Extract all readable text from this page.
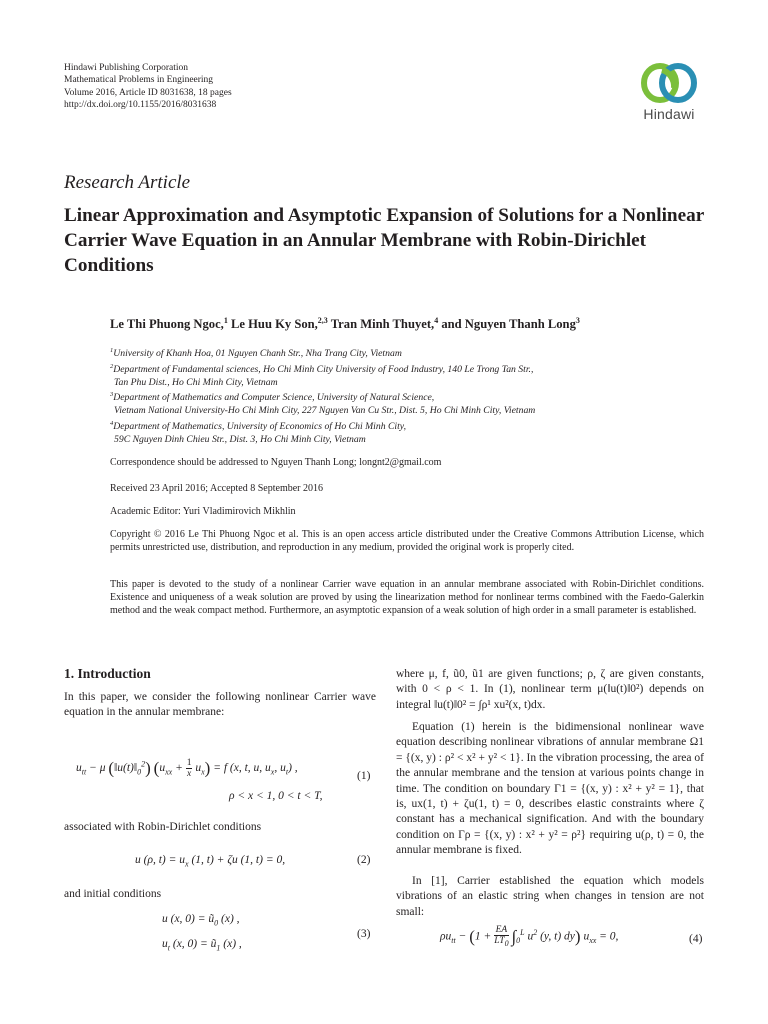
Hindawi Publishing Corporation
Mathematical Problems in Engineering
Volume 2016, Article ID 8031638, 18 pages
http://dx.doi.org/10.1155/2016/8031638
Hindawi
Research Article
Linear Approximation and Asymptotic Expansion of Solutions for a Nonlinear Carrier Wave Equation in an Annular Membrane with Robin-Dirichlet Conditions
Le Thi Phuong Ngoc,$^1$ Le Huu Ky Son,$^{2,3}$ Tran Minh Thuyet,$^4$ and Nguyen Thanh Long$^3$

$^1$University of Khanh Hoa, 01 Nguyen Chanh Str., Nha Trang City, Vietnam

$^2$Department of Fundamental sciences, Ho Chi Minh City University of Food Industry, 140 Le Trong Tan Str.,

Tan Phu Dist., Ho Chi Minh City, Vietnam

$^3$Department of Mathematics and Computer Science, University of Natural Science,

Vietnam National University-Ho Chi Minh City, 227 Nguyen Van Cu Str., Dist. 5, Ho Chi Minh City, Vietnam

$^4$Department of Mathematics, University of Economics of Ho Chi Minh City,

59C Nguyen Dinh Chieu Str., Dist. 3, Ho Chi Minh City, Vietnam

Correspondence should be addressed to Nguyen Thanh Long; longnt2@gmail.com
Received 23 April 2016; Accepted 8 September 2016
Academic Editor: Yuri Vladimirovich Mikhlin
Copyright © 2016 Le Thi Phuong Ngoc et al. This is an open access article distributed under the Creative Commons Attribution License, which permits unrestricted use, distribution, and reproduction in any medium, provided the original work is properly cited.
This paper is devoted to the study of a nonlinear Carrier wave equation in an annular membrane associated with Robin-Dirichlet conditions. Existence and uniqueness of a weak solution are proved by using the linearization method for nonlinear terms combined with the Faedo-Galerkin method and the weak compact method. Furthermore, an asymptotic expansion of a weak solution of high order in a small parameter is established.
1. Introduction
In this paper, we consider the following nonlinear Carrier wave equation in the annular membrane:
$u_{tt} - \mu$ $(‖u(t)‖_0^2) (u_{xx} + \frac{1}{x} u_x) = f$ (x, t, u, $u_x$, $u_t$) ,
(1)
ρ < x < 1, 0 < t < T,
associated with Robin-Dirichlet conditions
u (ρ, $t) = u_x$ (1, t) + ζu (1, t) = 0,	(2)
and initial conditions
u (x, $0) = ũ_0$ (x) ,
$u_t$ (x, $0) = ũ_1$ (x) ,
(3)
where μ, f, ũ0, ũ1 are given functions; ρ, ζ are given constants, with 0 < ρ < 1. In (1), nonlinear term μ(‖u(t)‖0²) depends on integral ‖u(t)‖0² = ∫ρ¹ xu²(x, t)dx.
Equation (1) herein is the bidimensional nonlinear wave equation describing nonlinear vibrations of annular membrane Ω1 = {(x, y) : ρ² < x² + y² < 1}. In the vibration processing, the area of the annular membrane and the tension at various points change in time. The condition on boundary Γ1 = {(x, y) : x² + y² = 1}, that is, ux(1, t) + ζu(1, t) = 0, describes elastic constraints where ζ constant has a mechanical signification. And with the boundary condition on Γρ = {(x, y) : x² + y² = ρ²} requiring u(ρ, t) = 0, the annular membrane is fixed.
In [1], Carrier established the equation which models vibrations of an elastic string when changes in tension are not small:
$\rho u_{tt} - (1 + \frac{EA}{LT_0} \int_0^L$ $u^2$ (y, t) dy) $u_{xx} = 0$,	(4)
